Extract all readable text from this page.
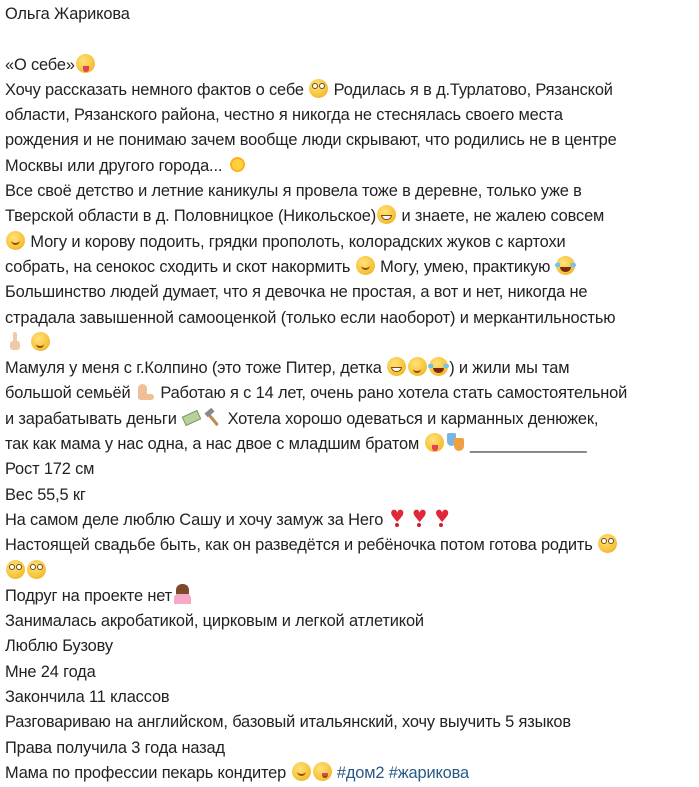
Ольга Жарикова
«О себе»
Хочу рассказать немного фактов о себе  Родилась я в д.Турлатово, Рязанской
области, Рязанского района, честно я никогда не стеснялась своего места
рождения и не понимаю зачем вообще люди скрывают, что родились не в центре
Москвы или другого города...
Все своё детство и летние каникулы я провела тоже в деревне, только уже в
Тверской области в д. Половницкое (Никольское) и знаете, не жалею совсем
Могу и корову подоить, грядки прополоть, колорадских жуков с картохи
собрать, на сенокос сходить и скот накормить  Могу, умею, практикую
Большинство людей думает, что я девочка не простая, а вот и нет, никогда не
страдала завышенной самооценкой (только если наоборот) и меркантильностью

Мамуля у меня с г.Колпино (это тоже Питер, детка	) и жили мы там
большой семьёй  Работаю я с 14 лет, очень рано хотела стать самостоятельной
и зарабатывать деньги	Хотела хорошо одеваться и карманных денюжек,
так как мама у нас одна, а нас двое с младшим братом	_____________
Рост 172 см
Вес 55,5 кг
На самом деле люблю Сашу и хочу замуж за Него ♥ ♥ ♥
Настоящей свадьбе быть, как он разведётся и ребёночка потом готова родить
Подруг на проекте нет
Занималась акробатикой, цирковым и легкой атлетикой
Люблю Бузову
Мне 24 года
Закончила 11 классов
Разговариваю на английском, базовый итальянский, хочу выучить 5 языков
Права получила 3 года назад
Мама по профессии пекарь кондитер	#дом2 #жарикова
